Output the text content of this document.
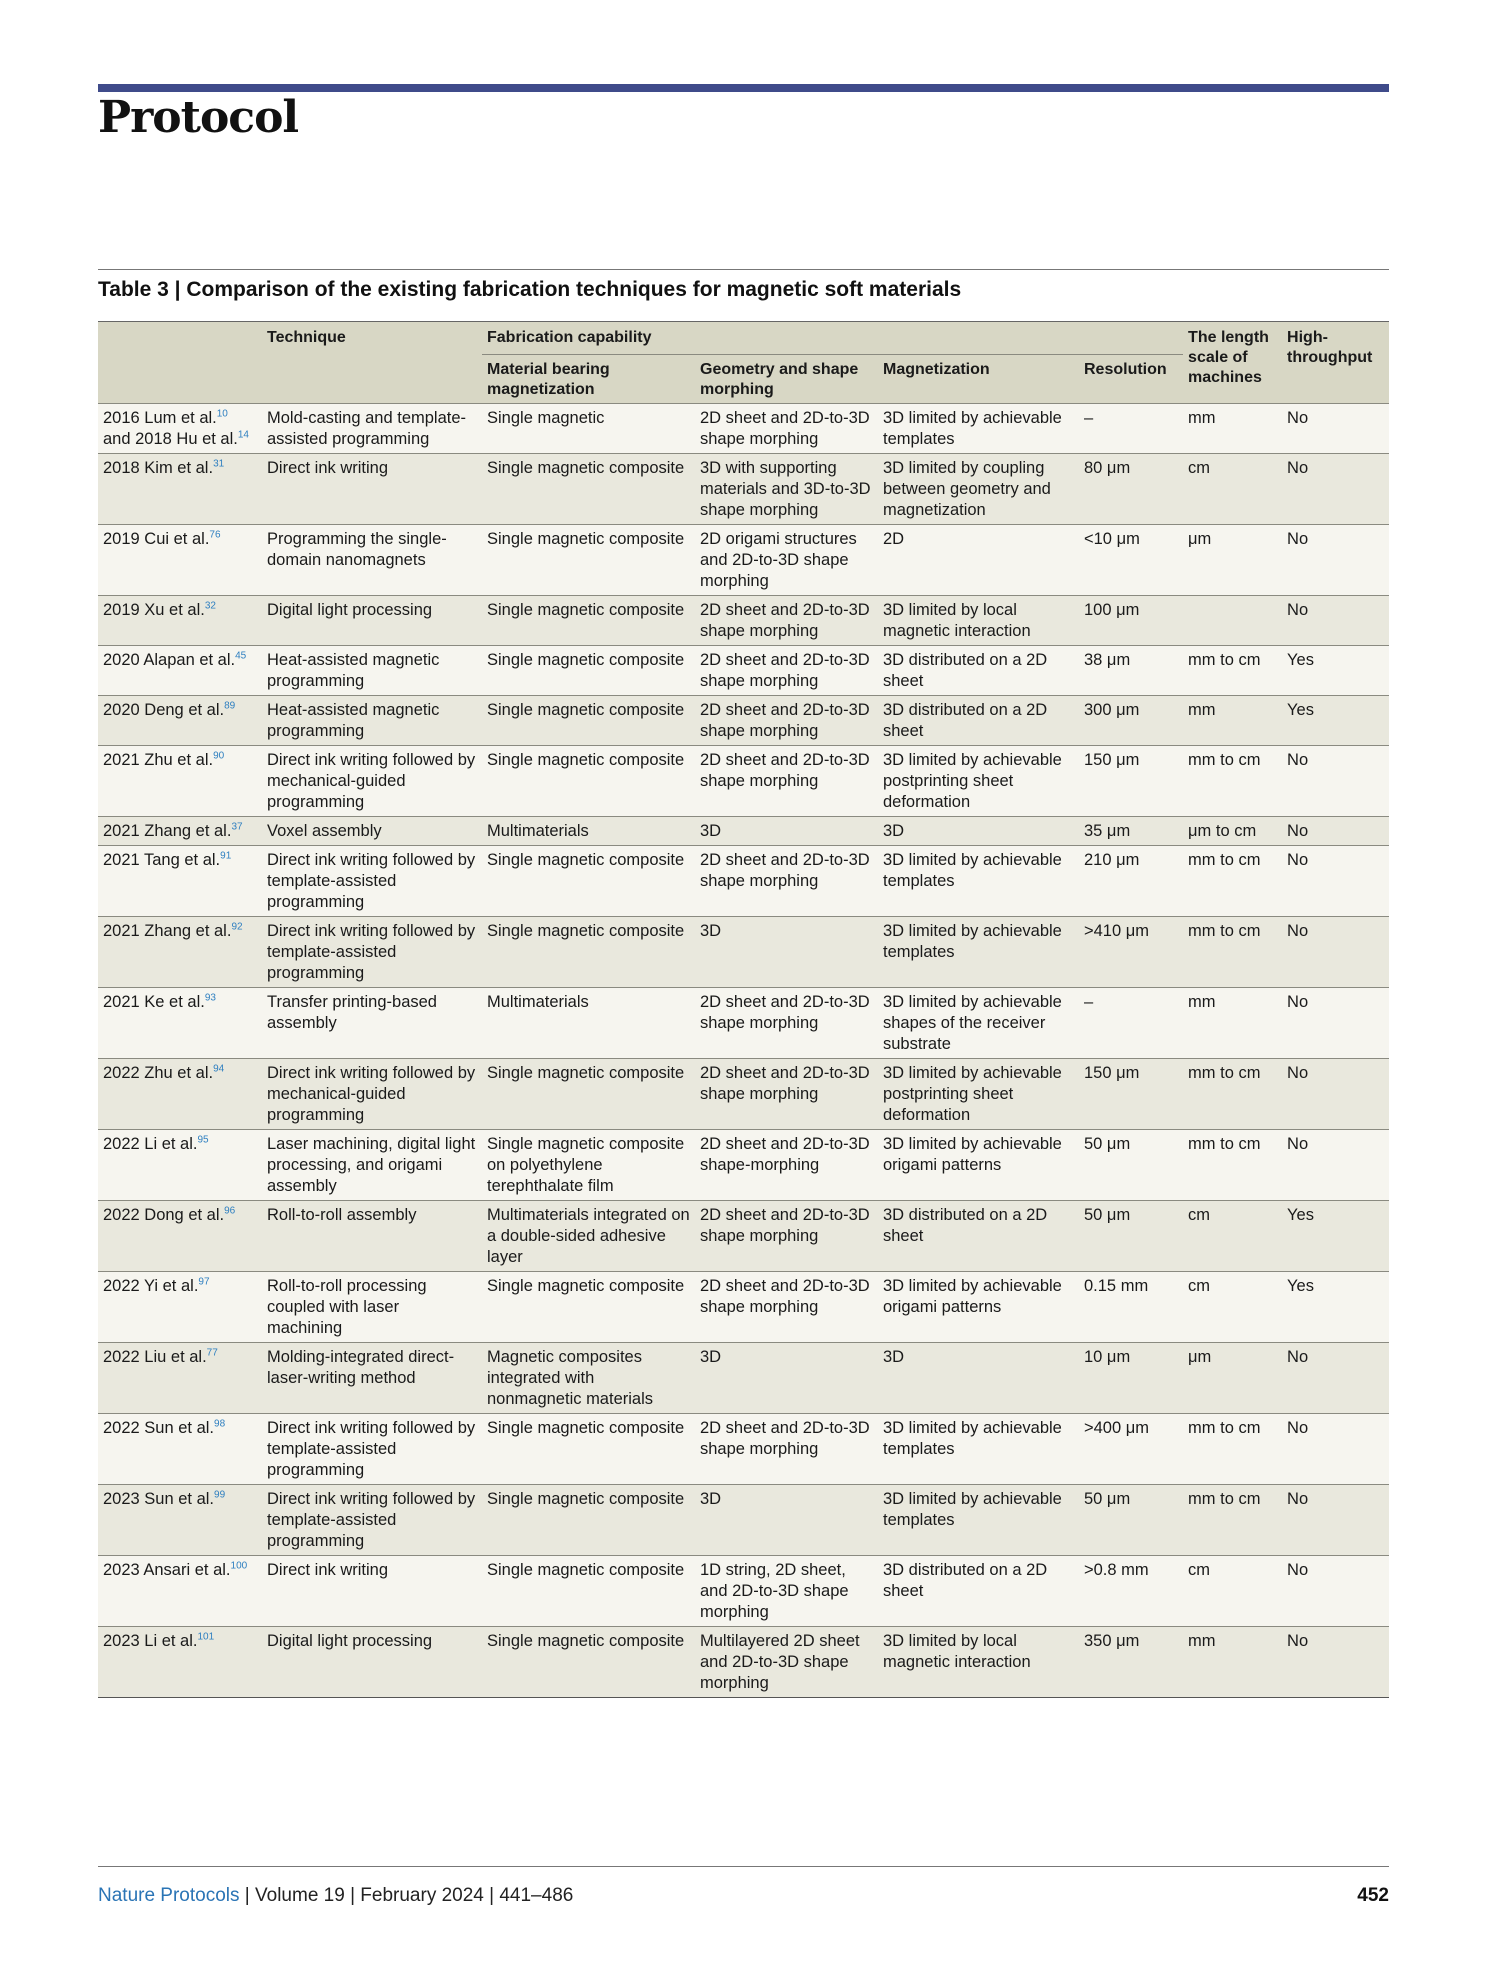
Protocol
Table 3 | Comparison of the existing fabrication techniques for magnetic soft materials
	Technique	Fabrication capability				The length scale of machines	High-throughput
		Material bearing magnetization	Geometry and shape morphing	Magnetization	Resolution		
2016 Lum et al.$^{10}$
and 2018 Hu et al.$^{14}$	Mold-casting and template-assisted programming	Single magnetic	2D sheet and 2D-to-3D shape morphing	3D limited by achievable templates	–	mm	No
2018 Kim et al.$^{31}$	Direct ink writing	Single magnetic composite	3D with supporting materials and 3D-to-3D shape morphing	3D limited by coupling between geometry and magnetization	80 μm	cm	No
2019 Cui et al.$^{76}$	Programming the single-domain nanomagnets	Single magnetic composite	2D origami structures and 2D-to-3D shape morphing	2D	<10 μm	μm	No
2019 Xu et al.$^{32}$	Digital light processing	Single magnetic composite	2D sheet and 2D-to-3D shape morphing	3D limited by local magnetic interaction	100 μm		No
2020 Alapan et al.$^{45}$	Heat-assisted magnetic programming	Single magnetic composite	2D sheet and 2D-to-3D shape morphing	3D distributed on a 2D sheet	38 μm	mm to cm	Yes
2020 Deng et al.$^{89}$	Heat-assisted magnetic programming	Single magnetic composite	2D sheet and 2D-to-3D shape morphing	3D distributed on a 2D sheet	300 μm	mm	Yes
2021 Zhu et al.$^{90}$	Direct ink writing followed by mechanical-guided programming	Single magnetic composite	2D sheet and 2D-to-3D shape morphing	3D limited by achievable postprinting sheet deformation	150 μm	mm to cm	No
2021 Zhang et al.$^{37}$	Voxel assembly	Multimaterials	3D	3D	35 μm	μm to cm	No
2021 Tang et al.$^{91}$	Direct ink writing followed by template-assisted programming	Single magnetic composite	2D sheet and 2D-to-3D shape morphing	3D limited by achievable templates	210 μm	mm to cm	No
2021 Zhang et al.$^{92}$	Direct ink writing followed by template-assisted programming	Single magnetic composite	3D	3D limited by achievable templates	>410 μm	mm to cm	No
2021 Ke et al.$^{93}$	Transfer printing-based assembly	Multimaterials	2D sheet and 2D-to-3D shape morphing	3D limited by achievable shapes of the receiver substrate	–	mm	No
2022 Zhu et al.$^{94}$	Direct ink writing followed by mechanical-guided programming	Single magnetic composite	2D sheet and 2D-to-3D shape morphing	3D limited by achievable postprinting sheet deformation	150 μm	mm to cm	No
2022 Li et al.$^{95}$	Laser machining, digital light processing, and origami assembly	Single magnetic composite on polyethylene terephthalate film	2D sheet and 2D-to-3D shape-morphing	3D limited by achievable origami patterns	50 μm	mm to cm	No
2022 Dong et al.$^{96}$	Roll-to-roll assembly	Multimaterials integrated on a double-sided adhesive layer	2D sheet and 2D-to-3D shape morphing	3D distributed on a 2D sheet	50 μm	cm	Yes
2022 Yi et al.$^{97}$	Roll-to-roll processing coupled with laser machining	Single magnetic composite	2D sheet and 2D-to-3D shape morphing	3D limited by achievable origami patterns	0.15 mm	cm	Yes
2022 Liu et al.$^{77}$	Molding-integrated direct-laser-writing method	Magnetic composites integrated with nonmagnetic materials	3D	3D	10 μm	μm	No
2022 Sun et al.$^{98}$	Direct ink writing followed by template-assisted programming	Single magnetic composite	2D sheet and 2D-to-3D shape morphing	3D limited by achievable templates	>400 μm	mm to cm	No
2023 Sun et al.$^{99}$	Direct ink writing followed by template-assisted programming	Single magnetic composite	3D	3D limited by achievable templates	50 μm	mm to cm	No
2023 Ansari et al.$^{100}$	Direct ink writing	Single magnetic composite	1D string, 2D sheet, and 2D-to-3D shape morphing	3D distributed on a 2D sheet	>0.8 mm	cm	No
2023 Li et al.$^{101}$	Digital light processing	Single magnetic composite	Multilayered 2D sheet and 2D-to-3D shape morphing	3D limited by local magnetic interaction	350 μm	mm	No
Nature Protocols | Volume 19 | February 2024 | 441–486	452
